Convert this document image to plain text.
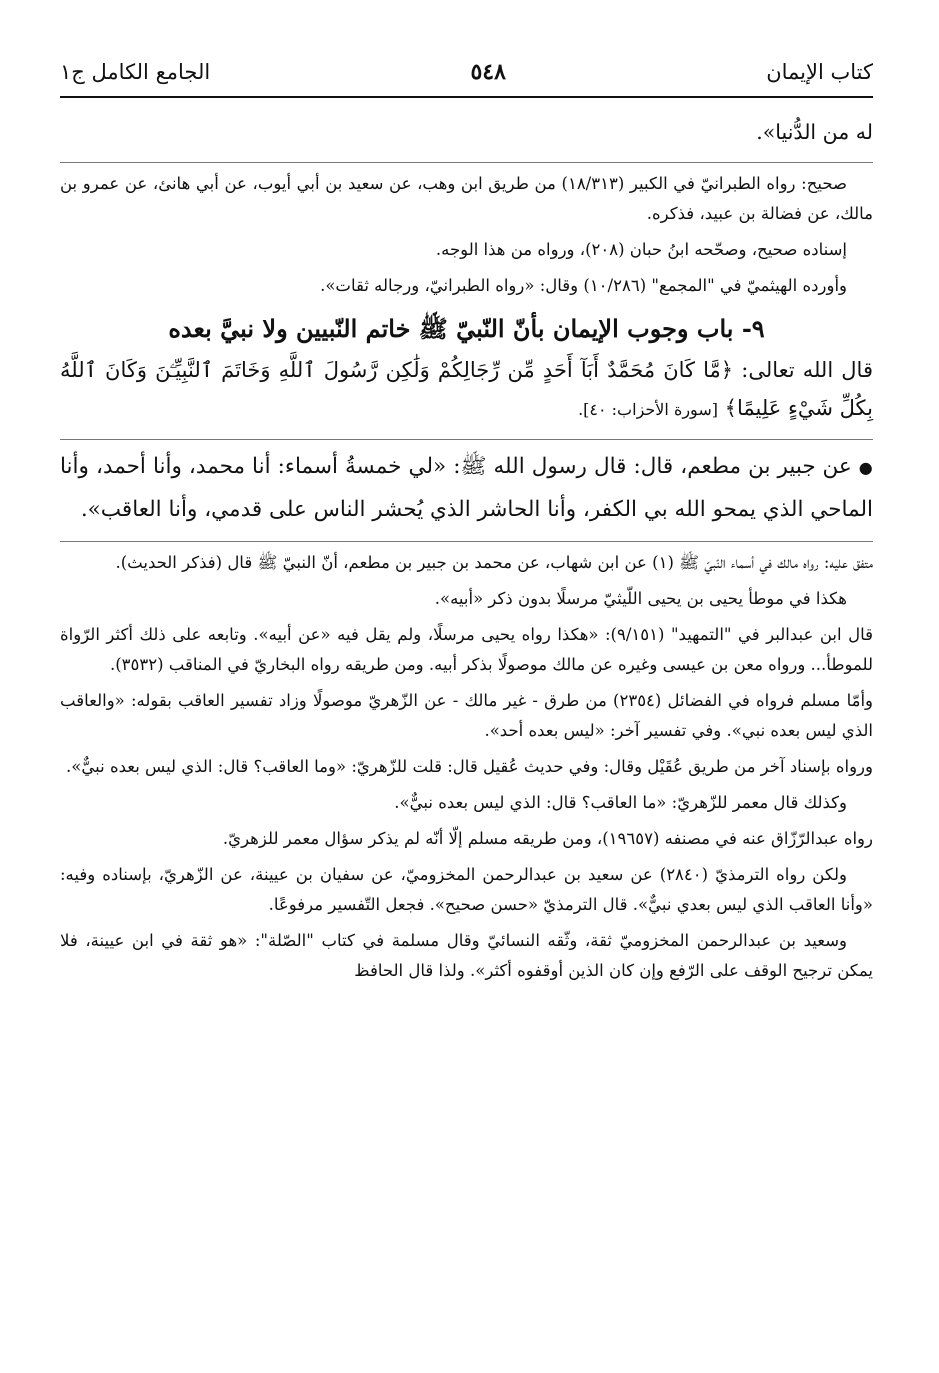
كتاب الإيمان
٥٤٨
الجامع الكامل ج١

له من الدُّنيا».

صحيح: رواه الطبرانيّ في الكبير (١٨/٣١٣) من طريق ابن وهب، عن سعيد بن أبي أيوب، عن أبي هانئ، عن عمرو بن مالك، عن فضالة بن عبيد، فذكره.

إسناده صحيح، وصحّحه ابنُ حبان (٢٠٨)، ورواه من هذا الوجه.

وأورده الهيثميّ في "المجمع" (١٠/٢٨٦) وقال: «رواه الطبرانيّ، ورجاله ثقات».

٩- باب وجوب الإيمان بأنّ النّبيّ ﷺ خاتم النّبيين ولا نبيَّ بعده

قال الله تعالى: ﴿مَّا كَانَ مُحَمَّدٌ أَبَآ أَحَدٍ مِّن رِّجَالِكُمْ وَلَٰكِن رَّسُولَ ٱللَّهِ وَخَاتَمَ ٱلنَّبِيِّـۧنَ وَكَانَ ٱللَّهُ بِكُلِّ شَيْءٍ عَلِيمًا﴾ [سورة الأحزاب: ٤٠].

● عن جبير بن مطعم، قال: قال رسول الله ﷺ: «لي خمسةُ أسماء: أنا محمد، وأنا أحمد، وأنا الماحي الذي يمحو الله بي الكفر، وأنا الحاشر الذي يُحشر الناس على قدمي، وأنا العاقب».

متفق عليه: رواه مالك في أسماء النّبيّ ﷺ (١) عن ابن شهاب، عن محمد بن جبير بن مطعم، أنّ النبيّ ﷺ قال (فذكر الحديث).

هكذا في موطأ يحيى بن يحيى اللّيثيّ مرسلًا بدون ذكر «أبيه».

قال ابن عبدالبر في "التمهيد" (٩/١٥١): «هكذا رواه يحيى مرسلًا، ولم يقل فيه «عن أبيه». وتابعه على ذلك أكثر الرّواة للموطأ... ورواه معن بن عيسى وغيره عن مالك موصولًا بذكر أبيه. ومن طريقه رواه البخاريّ في المناقب (٣٥٣٢).

وأمّا مسلم فرواه في الفضائل (٢٣٥٤) من طرق - غير مالك - عن الزّهريّ موصولًا وزاد تفسير العاقب بقوله: «والعاقب الذي ليس بعده نبي». وفي تفسير آخر: «ليس بعده أحد».

ورواه بإسناد آخر من طريق عُقَيْل وقال: وفي حديث عُقيل قال: قلت للزّهريّ: «وما العاقب؟ قال: الذي ليس بعده نبيٌّ».

وكذلك قال معمر للزّهريّ: «ما العاقب؟ قال: الذي ليس بعده نبيٌّ».

رواه عبدالرّزّاق عنه في مصنفه (١٩٦٥٧)، ومن طريقه مسلم إلّا أنّه لم يذكر سؤال معمر للزهريّ.

ولكن رواه الترمذيّ (٢٨٤٠) عن سعيد بن عبدالرحمن المخزوميّ، عن سفيان بن عيينة، عن الزّهريّ، بإسناده وفيه: «وأنا العاقب الذي ليس بعدي نبيٌّ». قال الترمذيّ «حسن صحيح». فجعل التّفسير مرفوعًا.

وسعيد بن عبدالرحمن المخزوميّ ثقة، وثّقه النسائيّ وقال مسلمة في كتاب "الصّلة": «هو ثقة في ابن عيينة، فلا يمكن ترجيح الوقف على الرّفع وإن كان الذين أوقفوه أكثر». ولذا قال الحافظ
